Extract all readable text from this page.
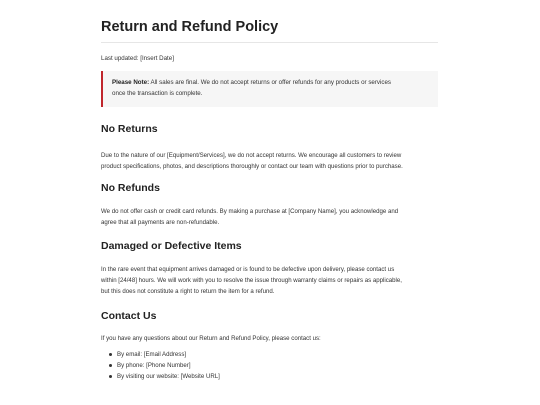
Return and Refund Policy
Last updated: [Insert Date]
Please Note: All sales are final. We do not accept returns or offer refunds for any products or services
once the transaction is complete.
No Returns

Due to the nature of our [Equipment/Services], we do not accept returns. We encourage all customers to review
product specifications, photos, and descriptions thoroughly or contact our team with questions prior to purchase.

No Refunds

We do not offer cash or credit card refunds. By making a purchase at [Company Name], you acknowledge and
agree that all payments are non-refundable.

Damaged or Defective Items

In the rare event that equipment arrives damaged or is found to be defective upon delivery, please contact us
within [24/48] hours. We will work with you to resolve the issue through warranty claims or repairs as applicable,
but this does not constitute a right to return the item for a refund.

Contact Us

If you have any questions about our Return and Refund Policy, please contact us:

By email: [Email Address]
By phone: [Phone Number]
By visiting our website: [Website URL]
